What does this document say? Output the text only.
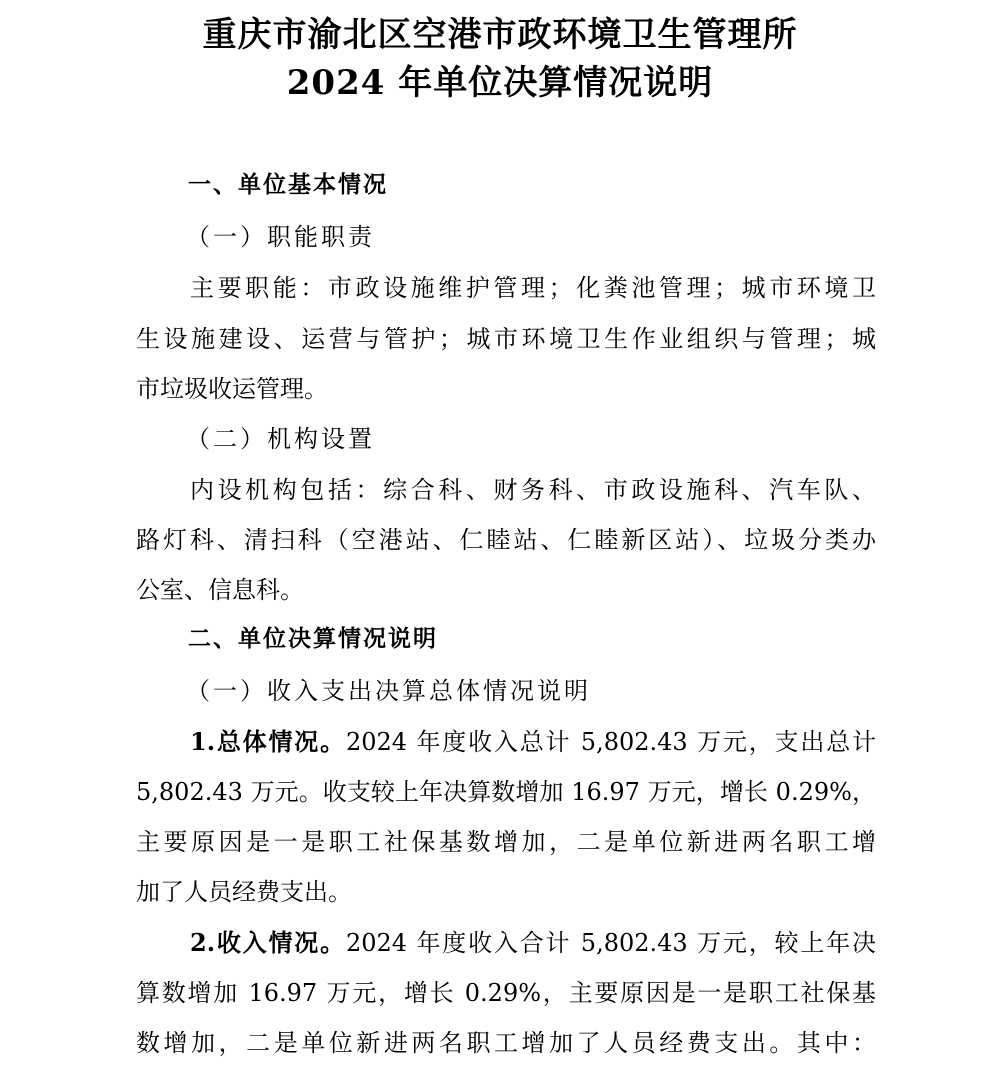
重庆市渝北区空港市政环境卫生管理所
2024 年单位决算情况说明
一、单位基本情况
（一）职能职责
主要职能：市政设施维护管理；化粪池管理；城市环境卫
生设施建设、运营与管护；城市环境卫生作业组织与管理；城
市垃圾收运管理。
（二）机构设置
内设机构包括：综合科、财务科、市政设施科、汽车队、
路灯科、清扫科（空港站、仁睦站、仁睦新区站）、垃圾分类办
公室、信息科。
二、单位决算情况说明
（一）收入支出决算总体情况说明
1.总体情况。2024 年度收入总计 5,802.43 万元，支出总计
5,802.43 万元。收支较上年决算数增加 16.97 万元，增长 0.29%，
主要原因是一是职工社保基数增加，二是单位新进两名职工增
加了人员经费支出。
2.收入情况。2024 年度收入合计 5,802.43 万元，较上年决
算数增加 16.97 万元，增长 0.29%，主要原因是一是职工社保基
数增加，二是单位新进两名职工增加了人员经费支出。其中：
